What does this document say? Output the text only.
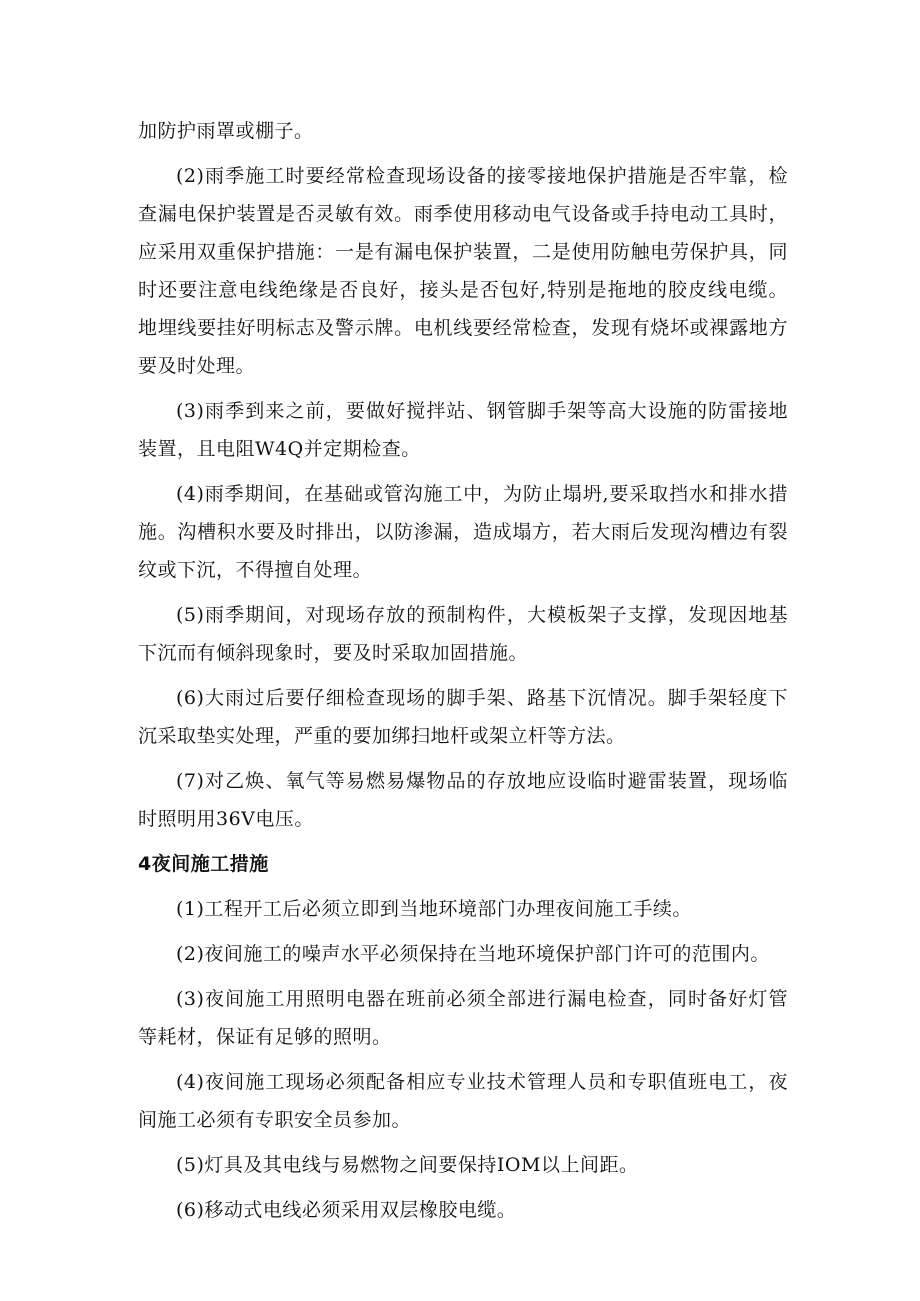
加防护雨罩或棚子。

(2)雨季施工时要经常检查现场设备的接零接地保护措施是否牢靠，检查漏电保护装置是否灵敏有效。雨季使用移动电气设备或手持电动工具时，应采用双重保护措施：一是有漏电保护装置，二是使用防触电劳保护具，同时还要注意电线绝缘是否良好，接头是否包好,特别是拖地的胶皮线电缆。地埋线要挂好明标志及警示牌。电机线要经常检查，发现有烧坏或裸露地方要及时处理。

(3)雨季到来之前，要做好搅拌站、钢管脚手架等高大设施的防雷接地装置，且电阻W4Q并定期检查。

(4)雨季期间，在基础或管沟施工中，为防止塌坍,要采取挡水和排水措施。沟槽积水要及时排出，以防渗漏，造成塌方，若大雨后发现沟槽边有裂纹或下沉，不得擅自处理。

(5)雨季期间，对现场存放的预制构件，大模板架子支撑，发现因地基下沉而有倾斜现象时，要及时采取加固措施。

(6)大雨过后要仔细检查现场的脚手架、路基下沉情况。脚手架轻度下沉采取垫实处理，严重的要加绑扫地杆或架立杆等方法。

(7)对乙焕、氧气等易燃易爆物品的存放地应设临时避雷装置，现场临时照明用36V电压。

4夜间施工措施

(1)工程开工后必须立即到当地环境部门办理夜间施工手续。

(2)夜间施工的噪声水平必须保持在当地环境保护部门许可的范围内。

(3)夜间施工用照明电器在班前必须全部进行漏电检查，同时备好灯管等耗材，保证有足够的照明。

(4)夜间施工现场必须配备相应专业技术管理人员和专职值班电工，夜间施工必须有专职安全员参加。

(5)灯具及其电线与易燃物之间要保持IOM以上间距。

(6)移动式电线必须采用双层橡胶电缆。
